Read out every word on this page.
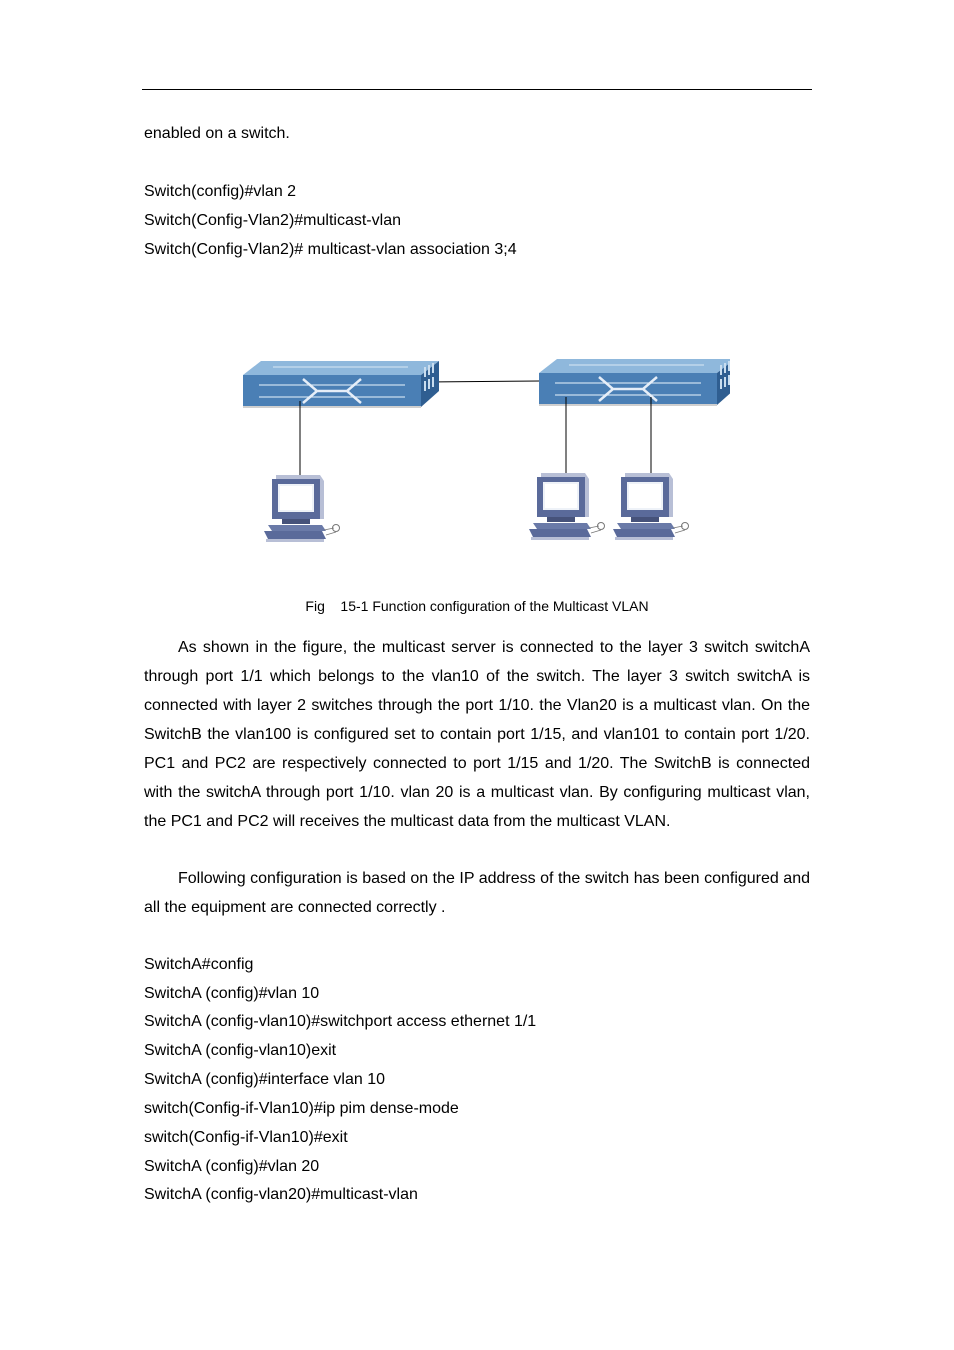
enabled on a switch.
Switch(config)#vlan 2
Switch(Config-Vlan2)#multicast-vlan
Switch(Config-Vlan2)# multicast-vlan association 3;4
Fig    15-1 Function configuration of the Multicast VLAN

As shown in the figure, the multicast server is connected to the layer 3 switch switchA through port 1/1 which belongs to the vlan10 of the switch. The layer 3 switch switchA is connected with layer 2 switches through the port 1/10. the Vlan20 is a multicast vlan. On the SwitchB the vlan100 is configured set to contain port 1/15, and vlan101 to contain port 1/20. PC1 and PC2 are respectively connected to port 1/15 and 1/20. The SwitchB is connected with the switchA through port 1/10. vlan 20 is a multicast vlan. By configuring multicast vlan, the PC1 and PC2 will receives the multicast data from the multicast VLAN.

Following configuration is based on the IP address of the switch has been configured and all the equipment are connected correctly .

SwitchA#config
SwitchA (config)#vlan 10
SwitchA (config-vlan10)#switchport access ethernet 1/1
SwitchA (config-vlan10)exit
SwitchA (config)#interface vlan 10
switch(Config-if-Vlan10)#ip pim dense-mode
switch(Config-if-Vlan10)#exit
SwitchA (config)#vlan 20
SwitchA (config-vlan20)#multicast-vlan
